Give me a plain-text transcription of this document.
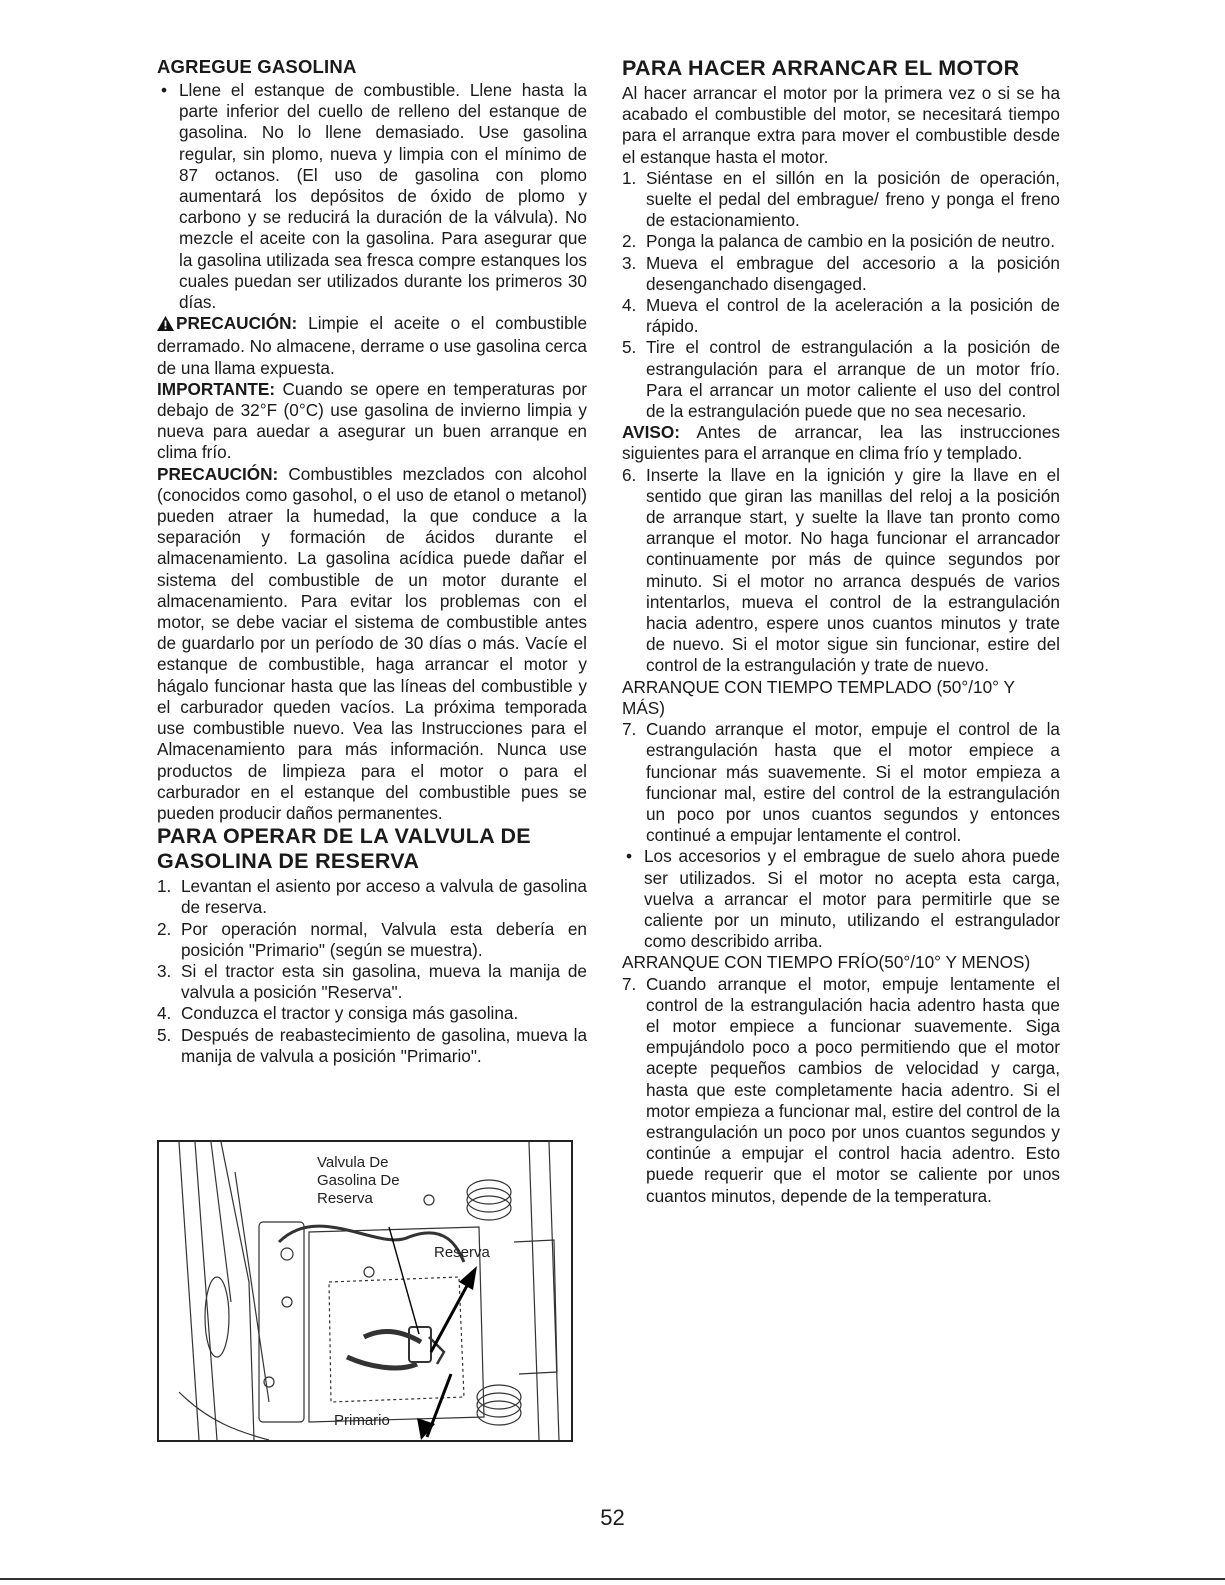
AGREGUE GASOLINA
• Llene el estanque de combustible. Llene hasta la parte inferior del cuello de relleno del estanque de gasolina. No lo llene demasiado. Use gasolina regular, sin plomo, nueva y limpia con el mínimo de 87 octanos. (El uso de gasolina con plomo aumentará los depósitos de óxido de plomo y carbono y se reducirá la duración de la válvula). No mezcle el aceite con la gasolina. Para asegurar que la gasolina utilizada sea fresca compre estanques los cuales puedan ser utilizados durante los primeros 30 días.

PRECAUCIÓN: Limpie el aceite o el combustible derramado. No almacene, derrame o use gasolina cerca de una llama expuesta.

IMPORTANTE: Cuando se opere en temperaturas por debajo de 32°F (0°C) use gasolina de invierno limpia y nueva para auedar a asegurar un buen arranque en clima frío.

PRECAUCIÓN: Combustibles mezclados con alcohol (conocidos como gasohol, o el uso de etanol o metanol) pueden atraer la humedad, la que conduce a la separación y formación de ácidos durante el almacenamiento. La gasolina acídica puede dañar el sistema del combustible de un motor durante el almacenamiento. Para evitar los problemas con el motor, se debe vaciar el sistema de combustible antes de guardarlo por un período de 30 días o más. Vacíe el estanque de combustible, haga arrancar el motor y hágalo funcionar hasta que las líneas del combustible y el carburador queden vacíos. La próxima temporada use combustible nuevo. Vea las Instrucciones para el Almacenamiento para más información. Nunca use productos de limpieza para el motor o para el carburador en el estanque del combustible pues se pueden producir daños permanentes.

PARA OPERAR DE LA VALVULA DE GASOLINA DE RESERVA
1. Levantan el asiento por acceso a valvula de gasolina de reserva.
2. Por operación normal, Valvula esta debería en posición "Primario" (según se muestra).
3. Si el tractor esta sin gasolina, mueva la manija de valvula a posición "Reserva".
4. Conduzca el tractor y consiga más gasolina.
5. Después de reabastecimiento de gasolina, mueva la manija de valvula a posición "Primario".
Valvula De
Gasolina De
Reserva
Reserva
Primario
PARA HACER ARRANCAR EL MOTOR

Al hacer arrancar el motor por la primera vez o si se ha acabado el combustible del motor, se necesitará tiempo para el arranque extra para mover el combustible desde el estanque hasta el motor.

1. Siéntase en el sillón en la posición de operación, suelte el pedal del embrague/ freno y ponga el freno de estacionamiento.
2. Ponga la palanca de cambio en la posición de neutro.
3. Mueva el embrague del accesorio a la posición desenganchado disengaged.
4. Mueva el control de la aceleración a la posición de rápido.
5. Tire el control de estrangulación a la posición de estrangulación para el arranque de un motor frío. Para el arrancar un motor caliente el uso del control de la estrangulación puede que no sea necesario.

AVISO: Antes de arrancar, lea las instrucciones siguientes para el arranque en clima frío y templado.

6. Inserte la llave en la ignición y gire la llave en el sentido que giran las manillas del reloj a la posición de arranque start, y suelte la llave tan pronto como arranque el motor. No haga funcionar el arrancador continuamente por más de quince segundos por minuto. Si el motor no arranca después de varios intentarlos, mueva el control de la estrangulación hacia adentro, espere unos cuantos minutos y trate de nuevo. Si el motor sigue sin funcionar, estire del control de la estrangulación y trate de nuevo.
ARRANQUE CON TIEMPO TEMPLADO (50°/10° Y MÁS)
7. Cuando arranque el motor, empuje el control de la estrangulación hasta que el motor empiece a funcionar más suavemente. Si el motor empieza a funcionar mal, estire del control de la estrangulación un poco por unos cuantos segundos y entonces continué a empujar lentamente el control.
• Los accesorios y el embrague de suelo ahora puede ser utilizados. Si el motor no acepta esta carga, vuelva a arrancar el motor para permitirle que se caliente por un minuto, utilizando el estrangulador como describido arriba.
ARRANQUE CON TIEMPO FRÍO(50°/10° Y MENOS)
7. Cuando arranque el motor, empuje lentamente el control de la estrangulación hacia adentro hasta que el motor empiece a funcionar suavemente. Siga empujándolo poco a poco permitiendo que el motor acepte pequeños cambios de velocidad y carga, hasta que este completamente hacia adentro. Si el motor empieza a funcionar mal, estire del control de la estrangulación un poco por unos cuantos segundos y continúe a empujar el control hacia adentro. Esto puede requerir que el motor se caliente por unos cuantos minutos, depende de la temperatura.
52
